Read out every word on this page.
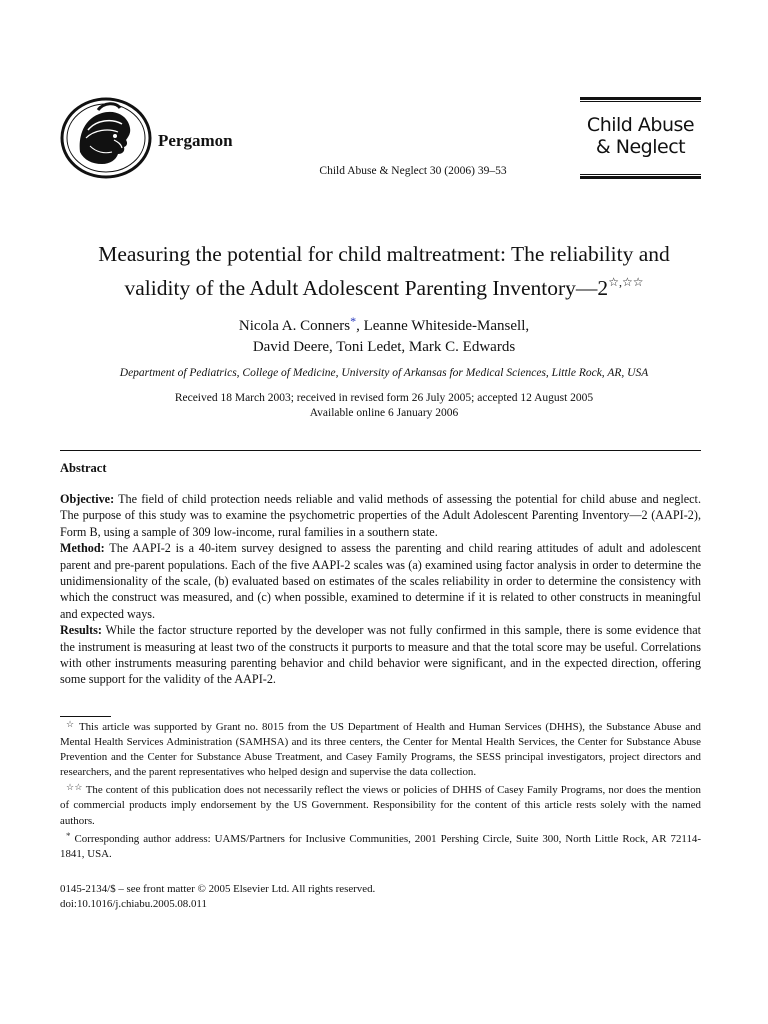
Pergamon
Child Abuse & Neglect 30 (2006) 39–53
Child Abuse
& Neglect
Measuring the potential for child maltreatment: The reliability and
validity of the Adult Adolescent Parenting Inventory—2☆,☆☆
Nicola A. Conners*, Leanne Whiteside-Mansell,
David Deere, Toni Ledet, Mark C. Edwards
Department of Pediatrics, College of Medicine, University of Arkansas for Medical Sciences, Little Rock, AR, USA
Received 18 March 2003; received in revised form 26 July 2005; accepted 12 August 2005
Available online 6 January 2006
Abstract

Objective: The field of child protection needs reliable and valid methods of assessing the potential for child abuse and neglect. The purpose of this study was to examine the psychometric properties of the Adult Adolescent Parenting Inventory—2 (AAPI-2), Form B, using a sample of 309 low-income, rural families in a southern state.

Method: The AAPI-2 is a 40-item survey designed to assess the parenting and child rearing attitudes of adult and adolescent parent and pre-parent populations. Each of the five AAPI-2 scales was (a) examined using factor analysis in order to determine the unidimensionality of the scale, (b) evaluated based on estimates of the scales reliability in order to determine the consistency with which the construct was measured, and (c) when possible, examined to determine if it is related to other constructs in meaningful and expected ways.

Results: While the factor structure reported by the developer was not fully confirmed in this sample, there is some evidence that the instrument is measuring at least two of the constructs it purports to measure and that the total score may be useful. Correlations with other instruments measuring parenting behavior and child behavior were significant, and in the expected direction, offering some support for the validity of the AAPI-2.

☆ This article was supported by Grant no. 8015 from the US Department of Health and Human Services (DHHS), the Substance Abuse and Mental Health Services Administration (SAMHSA) and its three centers, the Center for Mental Health Services, the Center for Substance Abuse Prevention and the Center for Substance Abuse Treatment, and Casey Family Programs, the SESS principal investigators, project directors and researchers, and the parent representatives who helped design and supervise the data collection.

☆☆ The content of this publication does not necessarily reflect the views or policies of DHHS of Casey Family Programs, nor does the mention of commercial products imply endorsement by the US Government. Responsibility for the content of this article rests solely with the named authors.

* Corresponding author address: UAMS/Partners for Inclusive Communities, 2001 Pershing Circle, Suite 300, North Little Rock, AR 72114-1841, USA.

0145-2134/$ – see front matter © 2005 Elsevier Ltd. All rights reserved.
doi:10.1016/j.chiabu.2005.08.011
